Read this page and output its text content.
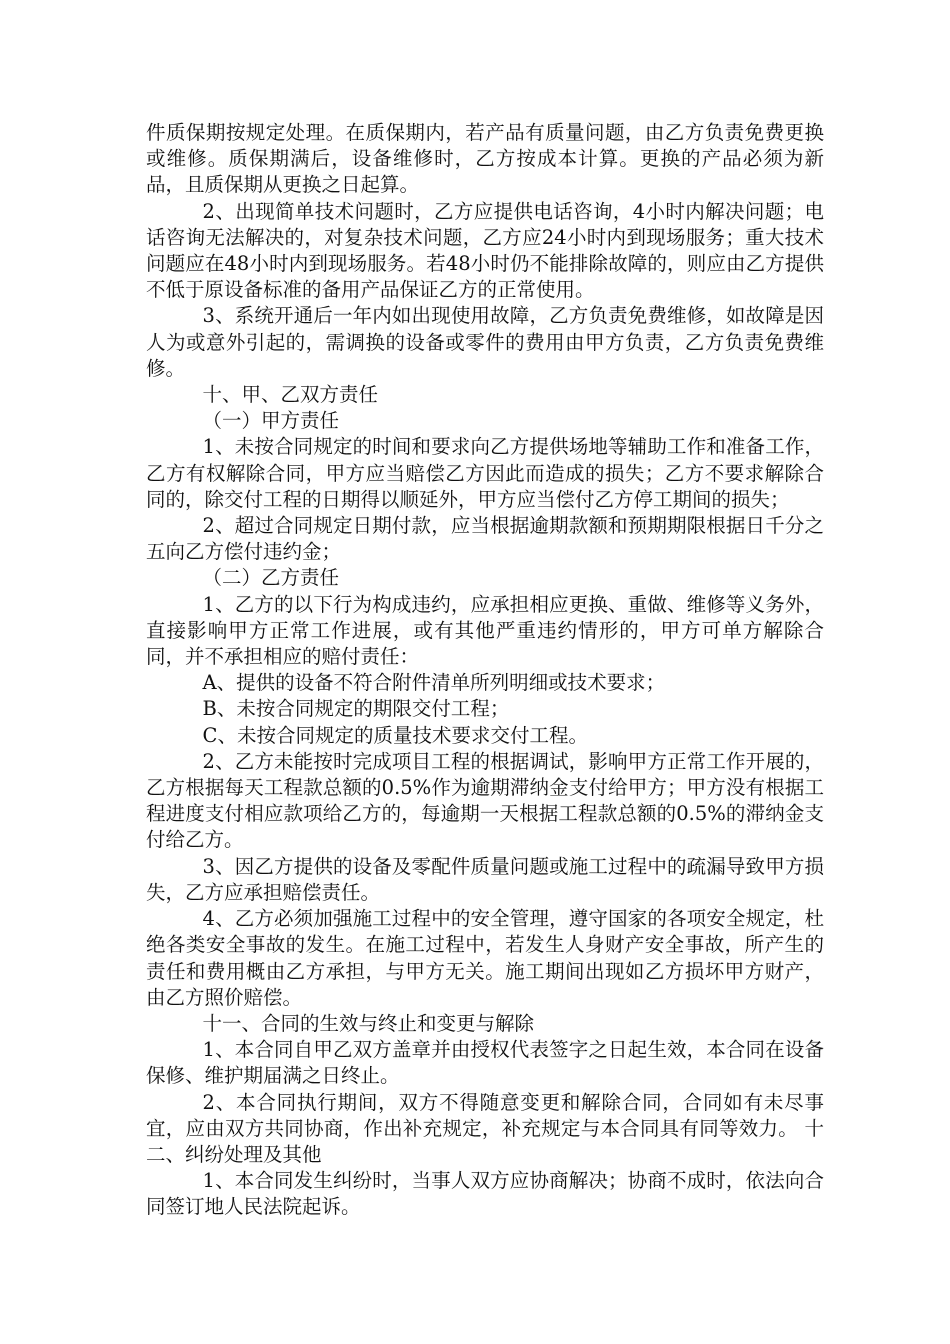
件质保期按规定处理。在质保期内，若产品有质量问题，由乙方负责免费更换或维修。质保期满后，设备维修时，乙方按成本计算。更换的产品必须为新品，且质保期从更换之日起算。

2、出现简单技术问题时，乙方应提供电话咨询，4小时内解决问题；电话咨询无法解决的，对复杂技术问题，乙方应24小时内到现场服务；重大技术问题应在48小时内到现场服务。若48小时仍不能排除故障的，则应由乙方提供不低于原设备标准的备用产品保证乙方的正常使用。

3、系统开通后一年内如出现使用故障，乙方负责免费维修，如故障是因人为或意外引起的，需调换的设备或零件的费用由甲方负责，乙方负责免费维修。

十、甲、乙双方责任

（一）甲方责任

1、未按合同规定的时间和要求向乙方提供场地等辅助工作和准备工作，乙方有权解除合同，甲方应当赔偿乙方因此而造成的损失；乙方不要求解除合同的，除交付工程的日期得以顺延外，甲方应当偿付乙方停工期间的损失；

2、超过合同规定日期付款，应当根据逾期款额和预期期限根据日千分之五向乙方偿付违约金；

（二）乙方责任

1、乙方的以下行为构成违约，应承担相应更换、重做、维修等义务外，直接影响甲方正常工作进展，或有其他严重违约情形的，甲方可单方解除合同，并不承担相应的赔付责任：

A、提供的设备不符合附件清单所列明细或技术要求；

B、未按合同规定的期限交付工程；

C、未按合同规定的质量技术要求交付工程。

2、乙方未能按时完成项目工程的根据调试，影响甲方正常工作开展的，乙方根据每天工程款总额的0.5%作为逾期滞纳金支付给甲方；甲方没有根据工程进度支付相应款项给乙方的，每逾期一天根据工程款总额的0.5%的滞纳金支付给乙方。

3、因乙方提供的设备及零配件质量问题或施工过程中的疏漏导致甲方损失，乙方应承担赔偿责任。

4、乙方必须加强施工过程中的安全管理，遵守国家的各项安全规定，杜绝各类安全事故的发生。在施工过程中，若发生人身财产安全事故，所产生的责任和费用概由乙方承担，与甲方无关。施工期间出现如乙方损坏甲方财产，由乙方照价赔偿。

十一、合同的生效与终止和变更与解除

1、本合同自甲乙双方盖章并由授权代表签字之日起生效，本合同在设备保修、维护期届满之日终止。

2、本合同执行期间，双方不得随意变更和解除合同，合同如有未尽事宜，应由双方共同协商，作出补充规定，补充规定与本合同具有同等效力。 十二、纠纷处理及其他

1、本合同发生纠纷时，当事人双方应协商解决；协商不成时，依法向合同签订地人民法院起诉。
